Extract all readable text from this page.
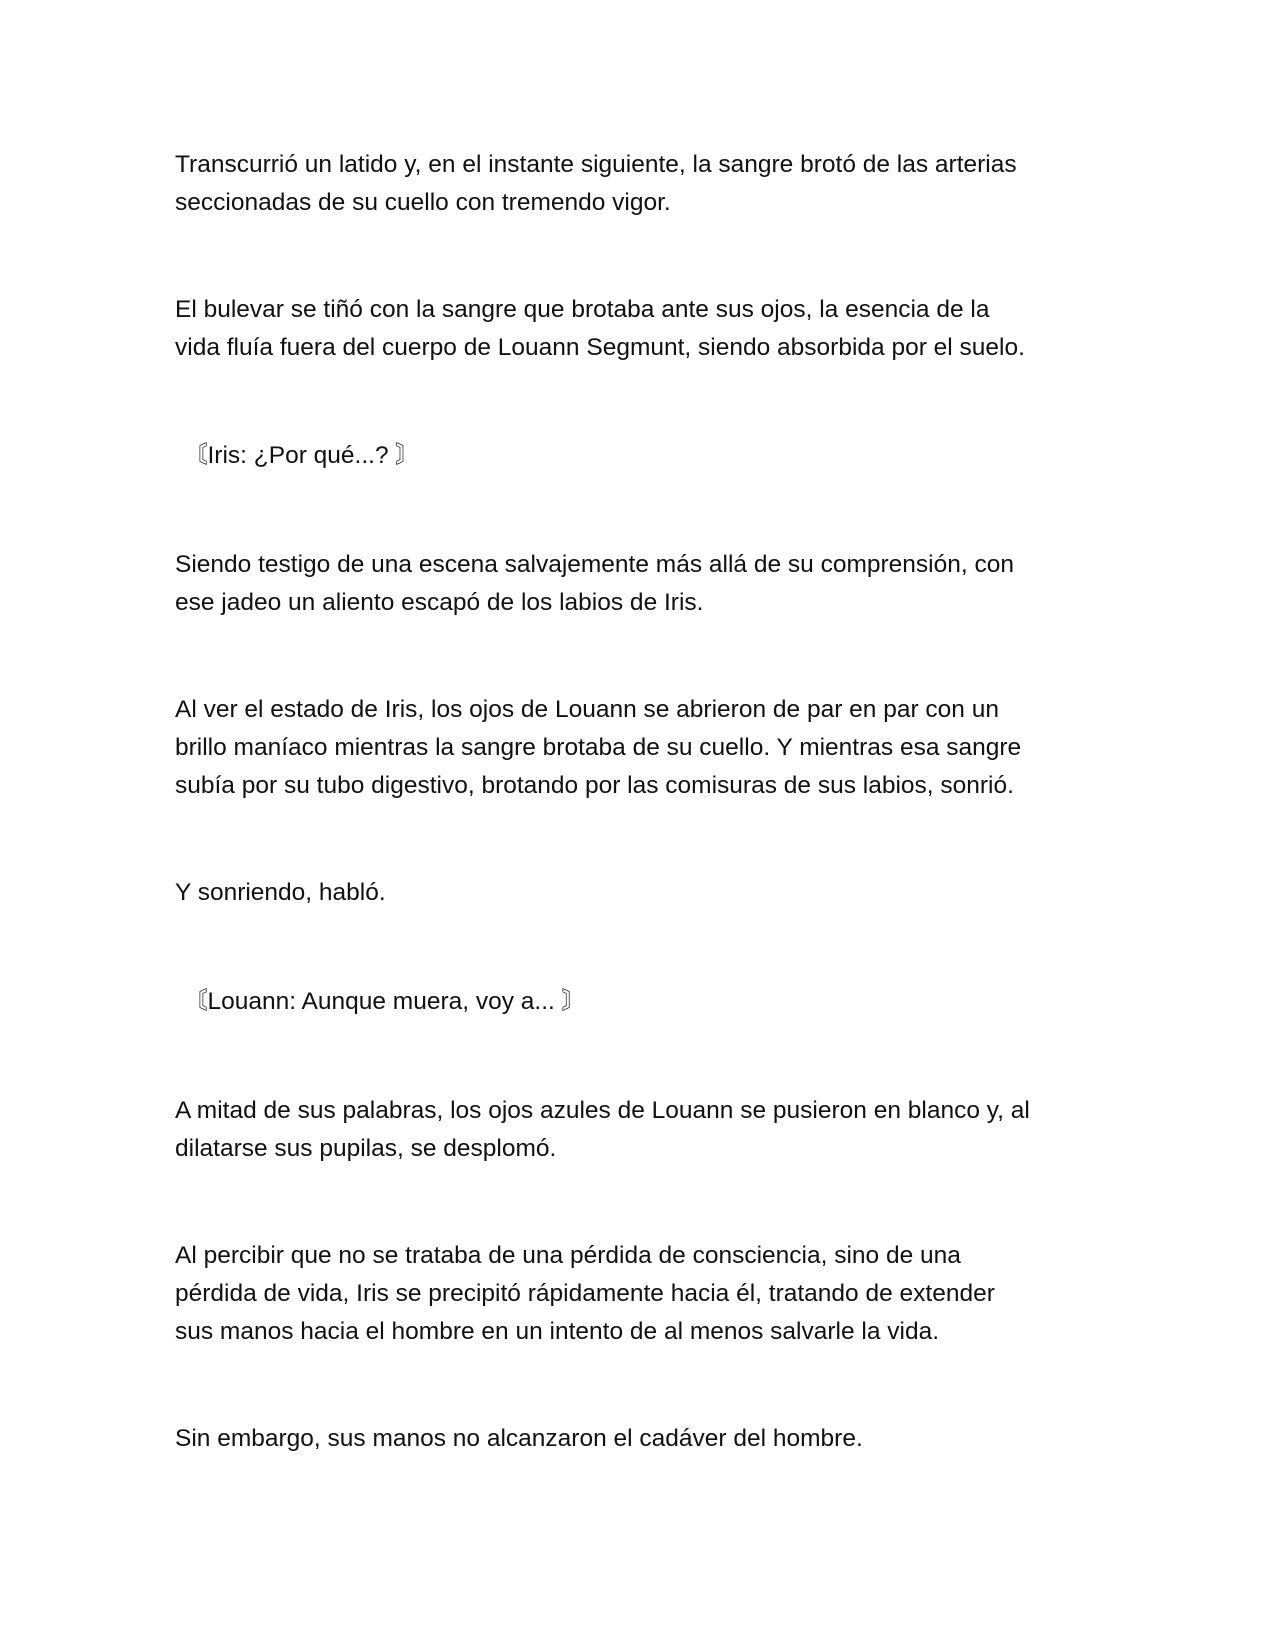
Transcurrió un latido y, en el instante siguiente, la sangre brotó de las arterias
seccionadas de su cuello con tremendo vigor.

El bulevar se tiñó con la sangre que brotaba ante sus ojos, la esencia de la
vida fluía fuera del cuerpo de Louann Segmunt, siendo absorbida por el suelo.

〘Iris: ¿Por qué...? 〙

Siendo testigo de una escena salvajemente más allá de su comprensión, con
ese jadeo un aliento escapó de los labios de Iris.

Al ver el estado de Iris, los ojos de Louann se abrieron de par en par con un
brillo maníaco mientras la sangre brotaba de su cuello. Y mientras esa sangre
subía por su tubo digestivo, brotando por las comisuras de sus labios, sonrió.

Y sonriendo, habló.

〘Louann: Aunque muera, voy a... 〙

A mitad de sus palabras, los ojos azules de Louann se pusieron en blanco y, al
dilatarse sus pupilas, se desplomó.

Al percibir que no se trataba de una pérdida de consciencia, sino de una
pérdida de vida, Iris se precipitó rápidamente hacia él, tratando de extender
sus manos hacia el hombre en un intento de al menos salvarle la vida.

Sin embargo, sus manos no alcanzaron el cadáver del hombre.
